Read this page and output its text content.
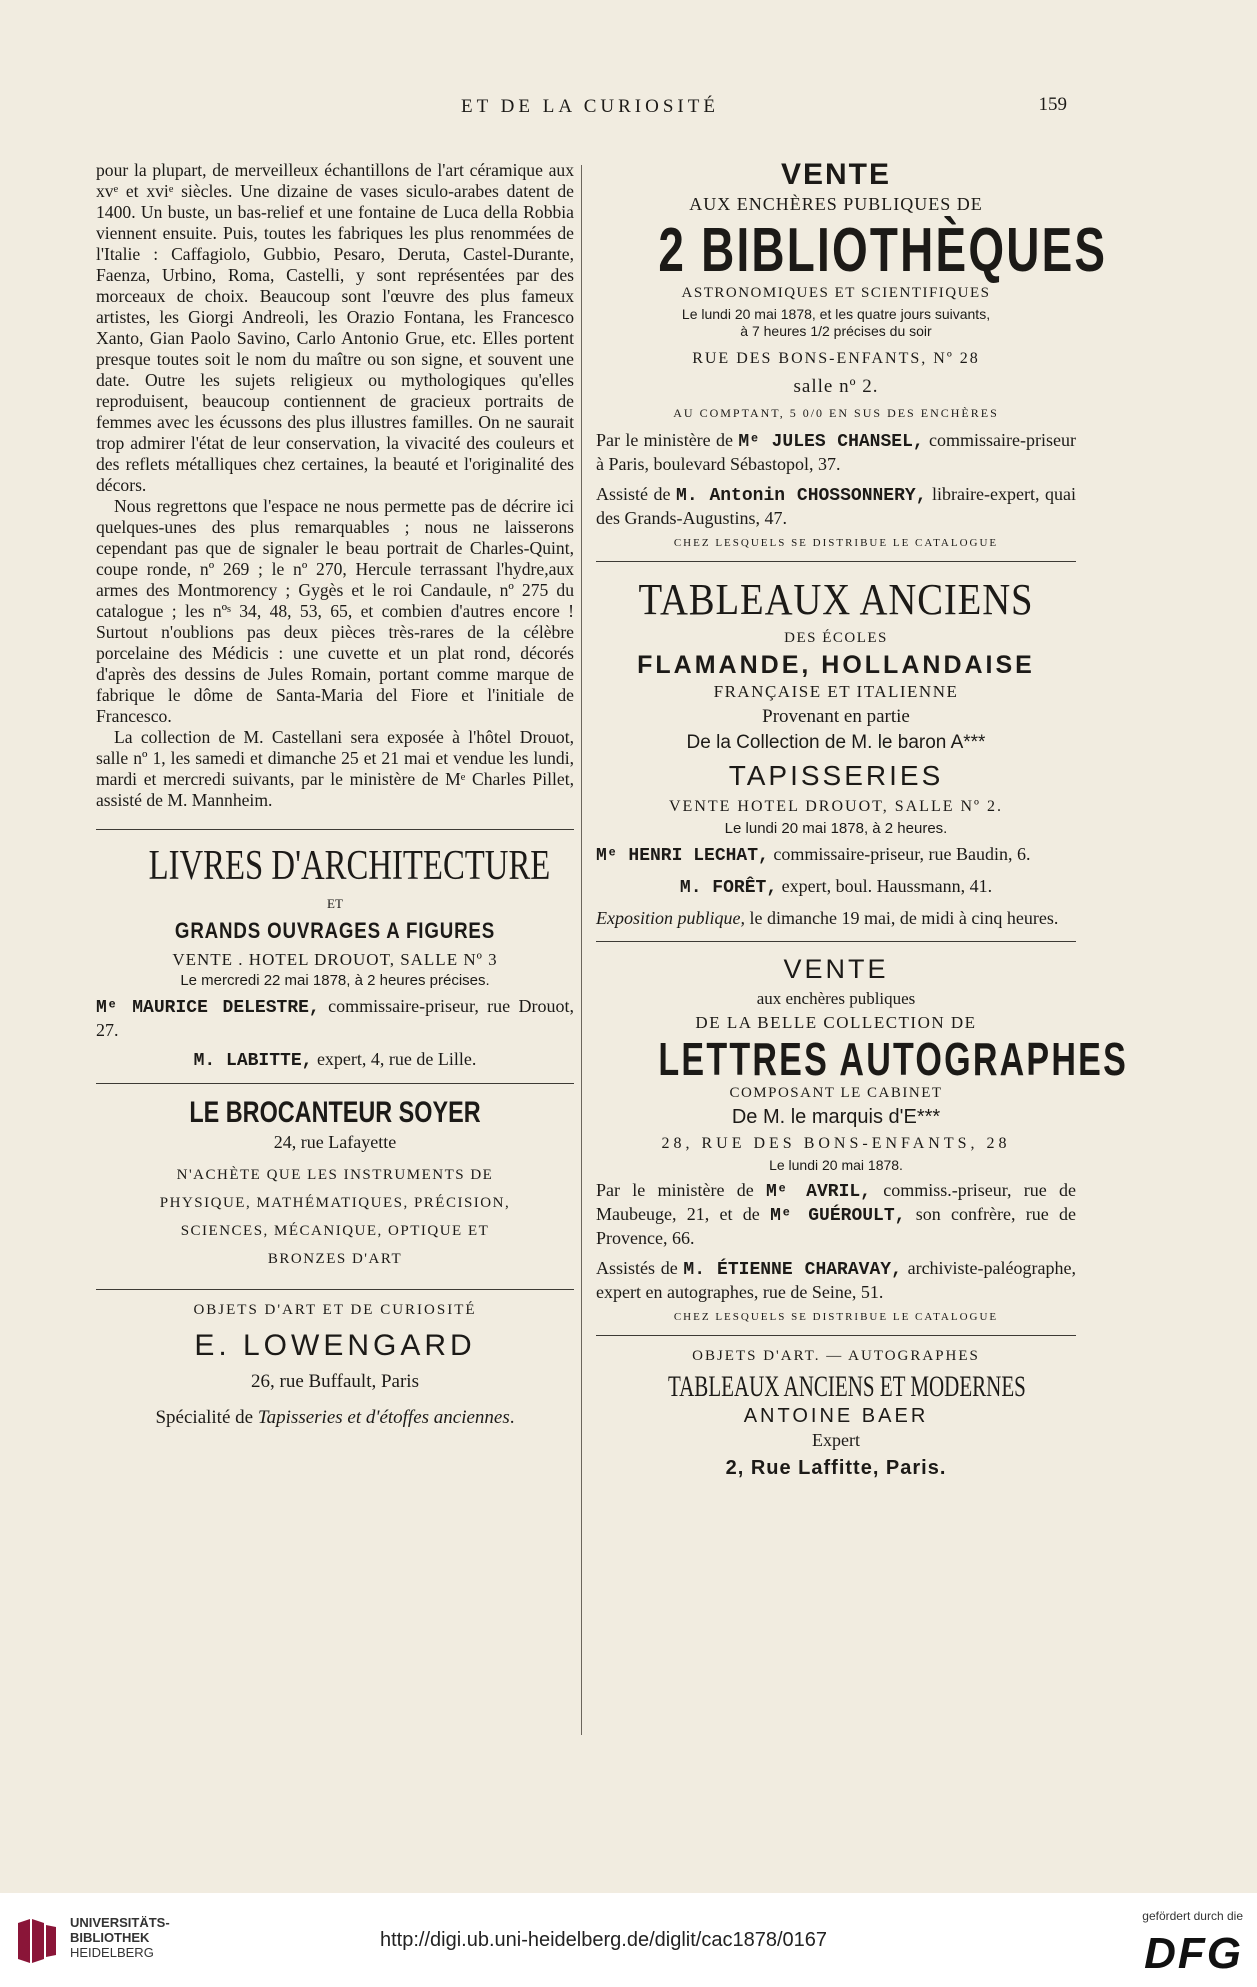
ET DE LA CURIOSITÉ	159

pour la plupart, de merveilleux échantillons de l'art céramique aux xvᵉ et xviᵉ siècles. Une dizaine de vases siculo-arabes datent de 1400. Un buste, un bas-relief et une fontaine de Luca della Robbia viennent ensuite. Puis, toutes les fabriques les plus renommées de l'Italie : Caffagiolo, Gubbio, Pesaro, Deruta, Castel-Durante, Faenza, Urbino, Roma, Castelli, y sont représentées par des morceaux de choix. Beaucoup sont l'œuvre des plus fameux artistes, les Giorgi Andreoli, les Orazio Fontana, les Francesco Xanto, Gian Paolo Savino, Carlo Antonio Grue, etc. Elles portent presque toutes soit le nom du maître ou son signe, et souvent une date. Outre les sujets religieux ou mythologiques qu'elles reproduisent, beaucoup contiennent de gracieux portraits de femmes avec les écussons des plus illustres familles. On ne saurait trop admirer l'état de leur conservation, la vivacité des couleurs et des reflets métalliques chez certaines, la beauté et l'originalité des décors.

Nous regrettons que l'espace ne nous permette pas de décrire ici quelques-unes des plus remarquables ; nous ne laisserons cependant pas que de signaler le beau portrait de Charles-Quint, coupe ronde, nº 269 ; le nº 270, Hercule terrassant l'hydre,aux armes des Montmorency ; Gygès et le roi Candaule, nº 275 du catalogue ; les nºˢ 34, 48, 53, 65, et combien d'autres encore ! Surtout n'oublions pas deux pièces très-rares de la célèbre porcelaine des Médicis : une cuvette et un plat rond, décorés d'après des dessins de Jules Romain, portant comme marque de fabrique le dôme de Santa-Maria del Fiore et l'initiale de Francesco.

La collection de M. Castellani sera exposée à l'hôtel Drouot, salle nº 1, les samedi et dimanche 25 et 21 mai et vendue les lundi, mardi et mercredi suivants, par le ministère de Mᵉ Charles Pillet, assisté de M. Mannheim.

LIVRES D'ARCHITECTURE
ET
GRANDS OUVRAGES A FIGURES
VENTE . HOTEL DROUOT, SALLE Nº 3
Le mercredi 22 mai 1878, à 2 heures précises.
Mᵉ MAURICE DELESTRE, commissaire-priseur, rue Drouot, 27.
M. LABITTE, expert, 4, rue de Lille.
LE BROCANTEUR SOYER
24, rue Lafayette
N'ACHÈTE QUE LES INSTRUMENTS DE
PHYSIQUE, MATHÉMATIQUES, PRÉCISION,
SCIENCES, MÉCANIQUE, OPTIQUE ET
BRONZES D'ART
OBJETS D'ART ET DE CURIOSITÉ
E. LOWENGARD
26, rue Buffault, Paris
Spécialité de Tapisseries et d'étoffes anciennes.
VENTE
AUX ENCHÈRES PUBLIQUES DE
2 BIBLIOTHÈQUES
ASTRONOMIQUES ET SCIENTIFIQUES
Le lundi 20 mai 1878, et les quatre jours suivants,
à 7 heures 1/2 précises du soir
RUE DES BONS-ENFANTS, Nº 28
salle nº 2.
AU COMPTANT, 5 0/0 EN SUS DES ENCHÈRES
Par le ministère de Mᵉ JULES CHANSEL, commissaire-priseur à Paris, boulevard Sébastopol, 37.
Assisté de M. Antonin CHOSSONNERY, libraire-expert, quai des Grands-Augustins, 47.
CHEZ LESQUELS SE DISTRIBUE LE CATALOGUE
TABLEAUX ANCIENS
DES ÉCOLES
FLAMANDE, HOLLANDAISE
FRANÇAISE ET ITALIENNE
Provenant en partie
De la Collection de M. le baron A***
TAPISSERIES
VENTE HOTEL DROUOT, SALLE Nº 2.
Le lundi 20 mai 1878, à 2 heures.
Mᵉ HENRI LECHAT, commissaire-priseur, rue Baudin, 6.
M. FORÊT, expert, boul. Haussmann, 41.
Exposition publique, le dimanche 19 mai, de midi à cinq heures.
VENTE
aux enchères publiques
DE LA BELLE COLLECTION DE
LETTRES AUTOGRAPHES
COMPOSANT LE CABINET
De M. le marquis d'E***
28, RUE DES BONS-ENFANTS, 28
Le lundi 20 mai 1878.
Par le ministère de Mᵉ AVRIL, commiss.-priseur, rue de Maubeuge, 21, et de Mᵉ GUÉROULT, son confrère, rue de Provence, 66.
Assistés de M. ÉTIENNE CHARAVAY, archiviste-paléographe, expert en autographes, rue de Seine, 51.
CHEZ LESQUELS SE DISTRIBUE LE CATALOGUE
OBJETS D'ART. — AUTOGRAPHES
TABLEAUX ANCIENS ET MODERNES
ANTOINE BAER
Expert
2, Rue Laffitte, Paris.
UNIVERSITÄTS-
BIBLIOTHEK
HEIDELBERG
http://digi.ub.uni-heidelberg.de/diglit/cac1878/0167
gefördert durch die
DFG
